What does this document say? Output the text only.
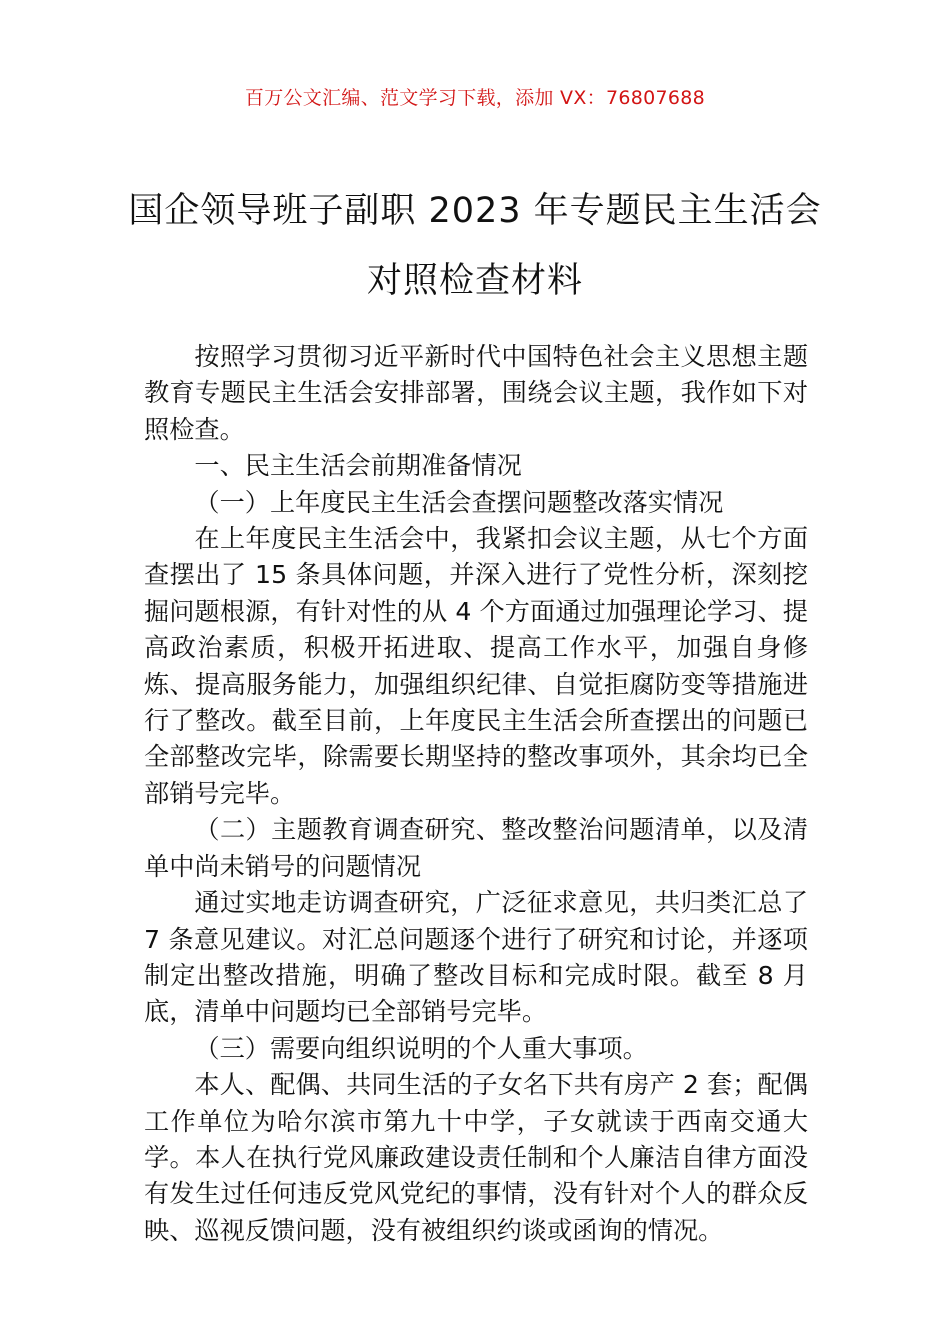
百万公文汇编、范文学习下载，添加 VX：76807688
国企领导班子副职 2023 年专题民主生活会
对照检查材料

按照学习贯彻习近平新时代中国特色社会主义思想主题教育专题民主生活会安排部署，围绕会议主题，我作如下对照检查。

一、民主生活会前期准备情况

（一）上年度民主生活会查摆问题整改落实情况

在上年度民主生活会中，我紧扣会议主题，从七个方面查摆出了 15 条具体问题，并深入进行了党性分析，深刻挖掘问题根源，有针对性的从 4 个方面通过加强理论学习、提高政治素质，积极开拓进取、提高工作水平，加强自身修炼、提高服务能力，加强组织纪律、自觉拒腐防变等措施进行了整改。截至目前，上年度民主生活会所查摆出的问题已全部整改完毕，除需要长期坚持的整改事项外，其余均已全部销号完毕。

（二）主题教育调查研究、整改整治问题清单，以及清单中尚未销号的问题情况

通过实地走访调查研究，广泛征求意见，共归类汇总了 7 条意见建议。对汇总问题逐个进行了研究和讨论，并逐项制定出整改措施，明确了整改目标和完成时限。截至 8 月底，清单中问题均已全部销号完毕。

（三）需要向组织说明的个人重大事项。

本人、配偶、共同生活的子女名下共有房产 2 套；配偶工作单位为哈尔滨市第九十中学，子女就读于西南交通大学。本人在执行党风廉政建设责任制和个人廉洁自律方面没有发生过任何违反党风党纪的事情，没有针对个人的群众反映、巡视反馈问题，没有被组织约谈或函询的情况。
